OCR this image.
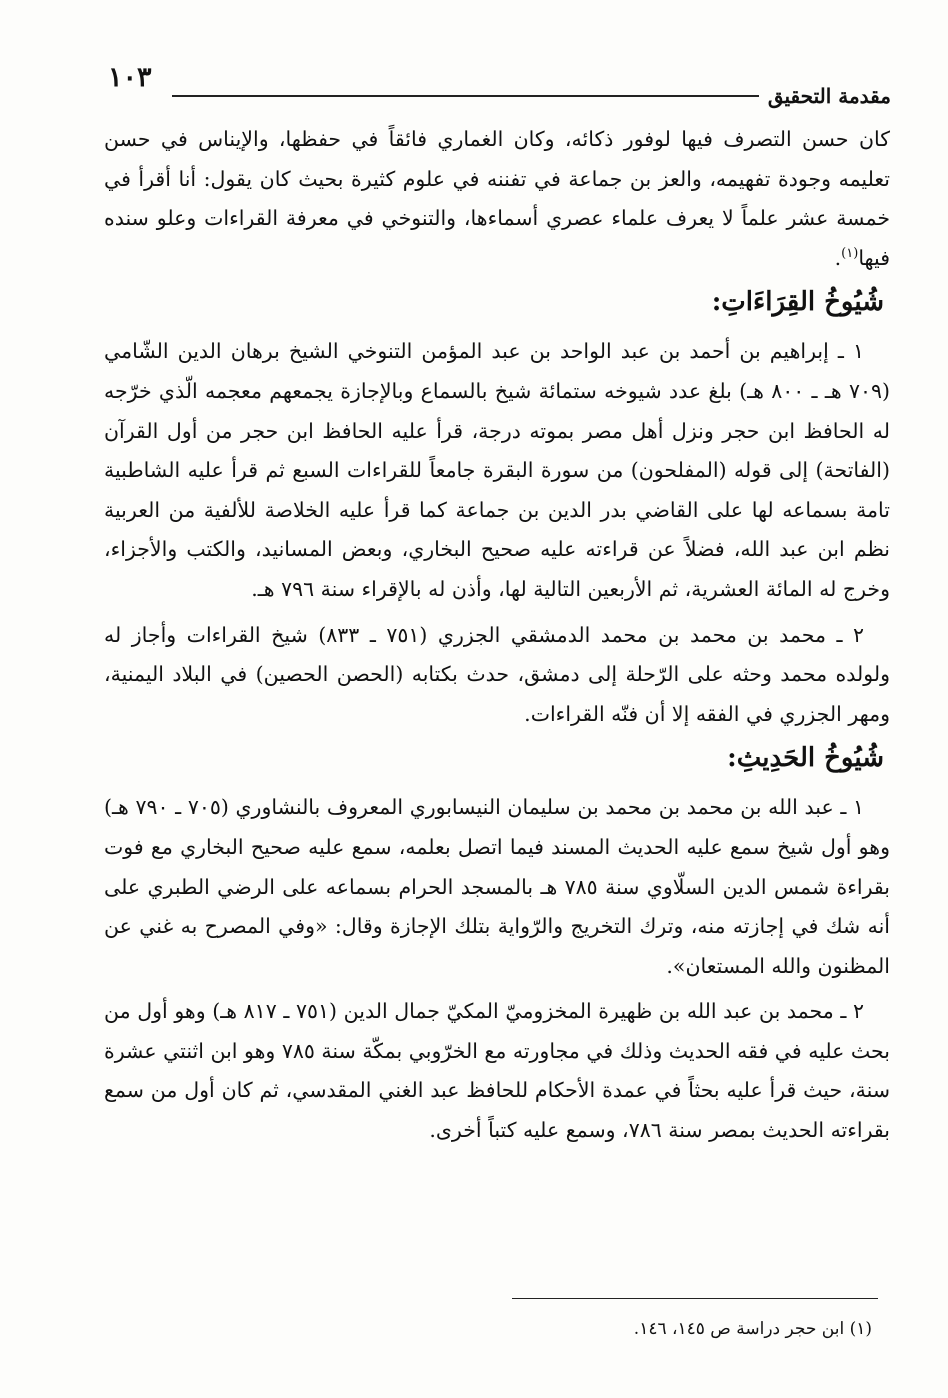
١٠٣
مقدمة التحقيق

كان حسن التصرف فيها لوفور ذكائه، وكان الغماري فائقاً في حفظها، والإيناس في حسن تعليمه وجودة تفهيمه، والعز بن جماعة في تفننه في علوم كثيرة بحيث كان يقول: أنا أقرأ في خمسة عشر علماً لا يعرف علماء عصري أسماءها، والتنوخي في معرفة القراءات وعلو سنده فيها$^{(١)}$.

شُيُوخُ القِرَاءَاتِ:

١ ـ إبراهيم بن أحمد بن عبد الواحد بن عبد المؤمن التنوخي الشيخ برهان الدين الشّامي (٧٠٩ هـ ـ ٨٠٠ هـ) بلغ عدد شيوخه ستمائة شيخ بالسماع وبالإجازة يجمعهم معجمه الّذي خرّجه له الحافظ ابن حجر ونزل أهل مصر بموته درجة، قرأ عليه الحافظ ابن حجر من أول القرآن (الفاتحة) إلى قوله (المفلحون) من سورة البقرة جامعاً للقراءات السبع ثم قرأ عليه الشاطبية تامة بسماعه لها على القاضي بدر الدين بن جماعة كما قرأ عليه الخلاصة للألفية من العربية نظم ابن عبد الله، فضلاً عن قراءته عليه صحيح البخاري، وبعض المسانيد، والكتب والأجزاء، وخرج له المائة العشرية، ثم الأربعين التالية لها، وأذن له بالإقراء سنة ٧٩٦ هـ.

٢ ـ محمد بن محمد بن محمد الدمشقي الجزري (٧٥١ ـ ٨٣٣) شيخ القراءات وأجاز له ولولده محمد وحثه على الرّحلة إلى دمشق، حدث بكتابه (الحصن الحصين) في البلاد اليمنية، ومهر الجزري في الفقه إلا أن فنّه القراءات.

شُيُوخُ الحَدِيثِ:

١ ـ عبد الله بن محمد بن محمد بن سليمان النيسابوري المعروف بالنشاوري (٧٠٥ ـ ٧٩٠ هـ) وهو أول شيخ سمع عليه الحديث المسند فيما اتصل بعلمه، سمع عليه صحيح البخاري مع فوت بقراءة شمس الدين السلّاوي سنة ٧٨٥ هـ بالمسجد الحرام بسماعه على الرضي الطبري على أنه شك في إجازته منه، وترك التخريج والرّواية بتلك الإجازة وقال: «وفي المصرح به غني عن المظنون والله المستعان».

٢ ـ محمد بن عبد الله بن ظهيرة المخزوميّ المكيّ جمال الدين (٧٥١ ـ ٨١٧ هـ) وهو أول من بحث عليه في فقه الحديث وذلك في مجاورته مع الخرّوبي بمكّة سنة ٧٨٥ وهو ابن اثنتي عشرة سنة، حيث قرأ عليه بحثاً في عمدة الأحكام للحافظ عبد الغني المقدسي، ثم كان أول من سمع بقراءته الحديث بمصر سنة ٧٨٦، وسمع عليه كتباً أخرى.

(١) ابن حجر دراسة ص ١٤٥، ١٤٦.
